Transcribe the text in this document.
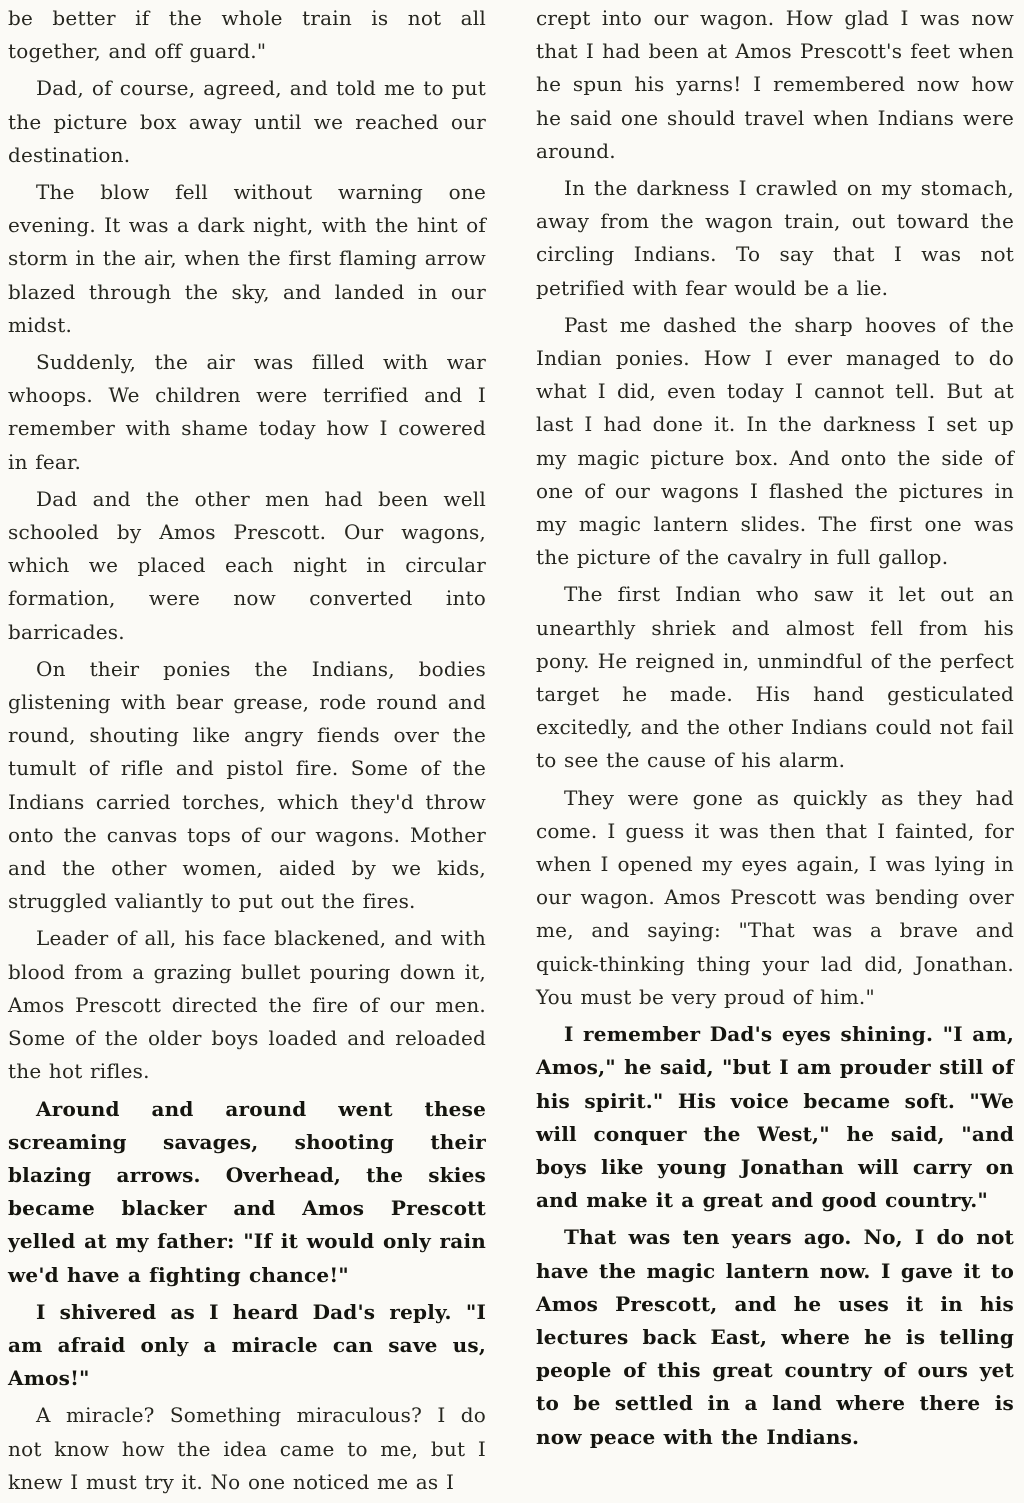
be better if the whole train is not all together, and off guard."

Dad, of course, agreed, and told me to put the picture box away until we reached our destination.

The blow fell without warning one evening. It was a dark night, with the hint of storm in the air, when the first flaming arrow blazed through the sky, and landed in our midst.

Suddenly, the air was filled with war whoops. We children were terrified and I remember with shame today how I cowered in fear.

Dad and the other men had been well schooled by Amos Prescott. Our wagons, which we placed each night in circular formation, were now converted into barricades.

On their ponies the Indians, bodies glistening with bear grease, rode round and round, shouting like angry fiends over the tumult of rifle and pistol fire. Some of the Indians carried torches, which they'd throw onto the canvas tops of our wagons. Mother and the other women, aided by we kids, struggled valiantly to put out the fires.

Leader of all, his face blackened, and with blood from a grazing bullet pouring down it, Amos Prescott directed the fire of our men. Some of the older boys loaded and reloaded the hot rifles.

Around and around went these screaming savages, shooting their blazing arrows. Overhead, the skies became blacker and Amos Prescott yelled at my father: "If it would only rain we'd have a fighting chance!"

I shivered as I heard Dad's reply. "I am afraid only a miracle can save us, Amos!"

A miracle? Something miraculous? I do not know how the idea came to me, but I knew I must try it. No one noticed me as I

crept into our wagon. How glad I was now that I had been at Amos Prescott's feet when he spun his yarns! I remembered now how he said one should travel when Indians were around.

In the darkness I crawled on my stomach, away from the wagon train, out toward the circling Indians. To say that I was not petrified with fear would be a lie.

Past me dashed the sharp hooves of the Indian ponies. How I ever managed to do what I did, even today I cannot tell. But at last I had done it. In the darkness I set up my magic picture box. And onto the side of one of our wagons I flashed the pictures in my magic lantern slides. The first one was the picture of the cavalry in full gallop.

The first Indian who saw it let out an unearthly shriek and almost fell from his pony. He reigned in, unmindful of the perfect target he made. His hand gesticulated excitedly, and the other Indians could not fail to see the cause of his alarm.

They were gone as quickly as they had come. I guess it was then that I fainted, for when I opened my eyes again, I was lying in our wagon. Amos Prescott was bending over me, and saying: "That was a brave and quick-thinking thing your lad did, Jonathan. You must be very proud of him."

I remember Dad's eyes shining. "I am, Amos," he said, "but I am prouder still of his spirit." His voice became soft. "We will conquer the West," he said, "and boys like young Jonathan will carry on and make it a great and good country."

That was ten years ago. No, I do not have the magic lantern now. I gave it to Amos Prescott, and he uses it in his lectures back East, where he is telling people of this great country of ours yet to be settled in a land where there is now peace with the Indians.
